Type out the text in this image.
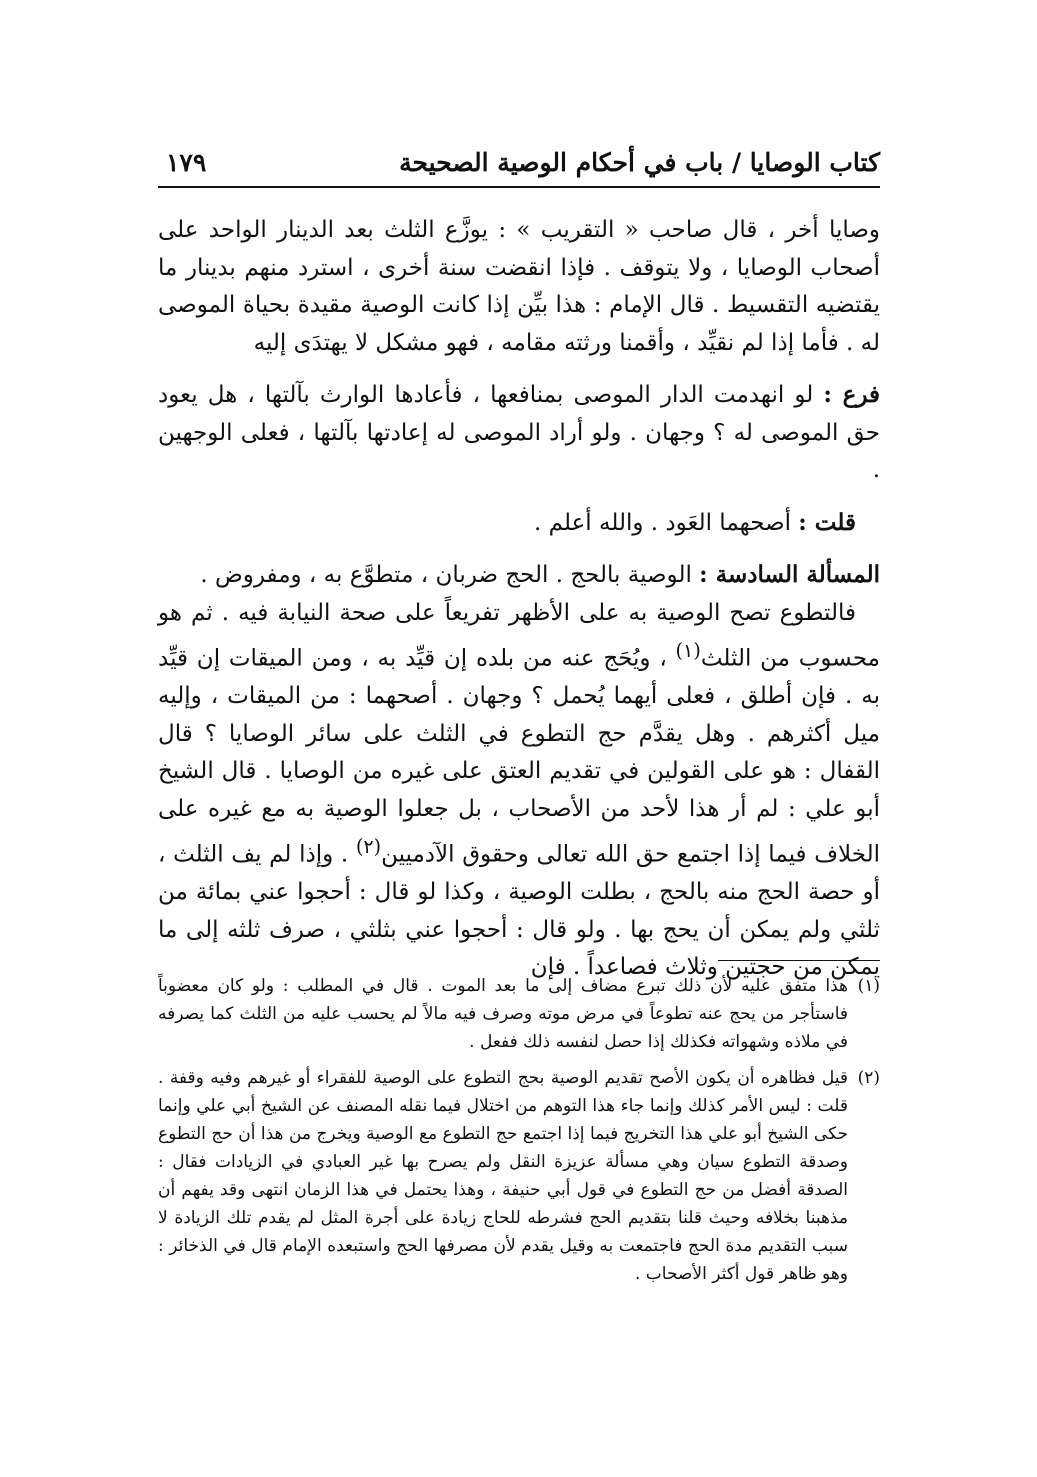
كتاب الوصايا / باب في أحكام الوصية الصحيحة
١٧٩

وصايا أخر ، قال صاحب « التقريب » : يوزَّع الثلث بعد الدينار الواحد على أصحاب الوصايا ، ولا يتوقف . فإذا انقضت سنة أخرى ، استرد منهم بدينار ما يقتضيه التقسيط . قال الإمام : هذا بيِّن إذا كانت الوصية مقيدة بحياة الموصى له . فأما إذا لم نقيِّد ، وأقمنا ورثته مقامه ، فهو مشكل لا يهتدَى إليه

فرع : لو انهدمت الدار الموصى بمنافعها ، فأعادها الوارث بآلتها ، هل يعود حق الموصى له ؟ وجهان . ولو أراد الموصى له إعادتها بآلتها ، فعلى الوجهين .

قلت : أصحهما العَود . والله أعلم .

المسألة السادسة : الوصية بالحج . الحج ضربان ، متطوَّع به ، ومفروض .

فالتطوع تصح الوصية به على الأظهر تفريعاً على صحة النيابة فيه . ثم هو محسوب من الثلث$^{(١)}$ ، ويُحَج عنه من بلده إن قيِّد به ، ومن الميقات إن قيِّد به . فإن أطلق ، فعلى أيهما يُحمل ؟ وجهان . أصحهما : من الميقات ، وإليه ميل أكثرهم . وهل يقدَّم حج التطوع في الثلث على سائر الوصايا ؟ قال القفال : هو على القولين في تقديم العتق على غيره من الوصايا . قال الشيخ أبو علي : لم أر هذا لأحد من الأصحاب ، بل جعلوا الوصية به مع غيره على الخلاف فيما إذا اجتمع حق الله تعالى وحقوق الآدميين$^{(٢)}$ . وإذا لم يف الثلث ، أو حصة الحج منه بالحج ، بطلت الوصية ، وكذا لو قال : أحجوا عني بمائة من ثلثي ولم يمكن أن يحج بها . ولو قال : أحجوا عني بثلثي ، صرف ثلثه إلى ما يمكن من حجتين وثلاث فصاعداً . فإن

(١)
هذا متفق عليه لأن ذلك تبرع مضاف إلى ما بعد الموت . قال في المطلب : ولو كان معضوباً فاستأجر من يحج عنه تطوعاً في مرض موته وصرف فيه مالاً لم يحسب عليه من الثلث كما يصرفه في ملاذه وشهواته فكذلك إذا حصل لنفسه ذلك ففعل .
(٢)
قيل فظاهره أن يكون الأصح تقديم الوصية بحج التطوع على الوصية للفقراء أو غيرهم وفيه وقفة . قلت : ليس الأمر كذلك وإنما جاء هذا التوهم من اختلال فيما نقله المصنف عن الشيخ أبي علي وإنما حكى الشيخ أبو علي هذا التخريج فيما إذا اجتمع حج التطوع مع الوصية ويخرج من هذا أن حج التطوع وصدقة التطوع سيان وهي مسألة عزيزة النقل ولم يصرح بها غير العبادي في الزيادات فقال : الصدقة أفضل من حج التطوع في قول أبي حنيفة ، وهذا يحتمل في هذا الزمان انتهى وقد يفهم أن مذهبنا بخلافه وحيث قلنا بتقديم الحج فشرطه للحاج زيادة على أجرة المثل لم يقدم تلك الزيادة لا سبب التقديم مدة الحج فاجتمعت به وقيل يقدم لأن مصرفها الحج واستبعده الإمام قال في الذخائر : وهو ظاهر قول أكثر الأصحاب .
